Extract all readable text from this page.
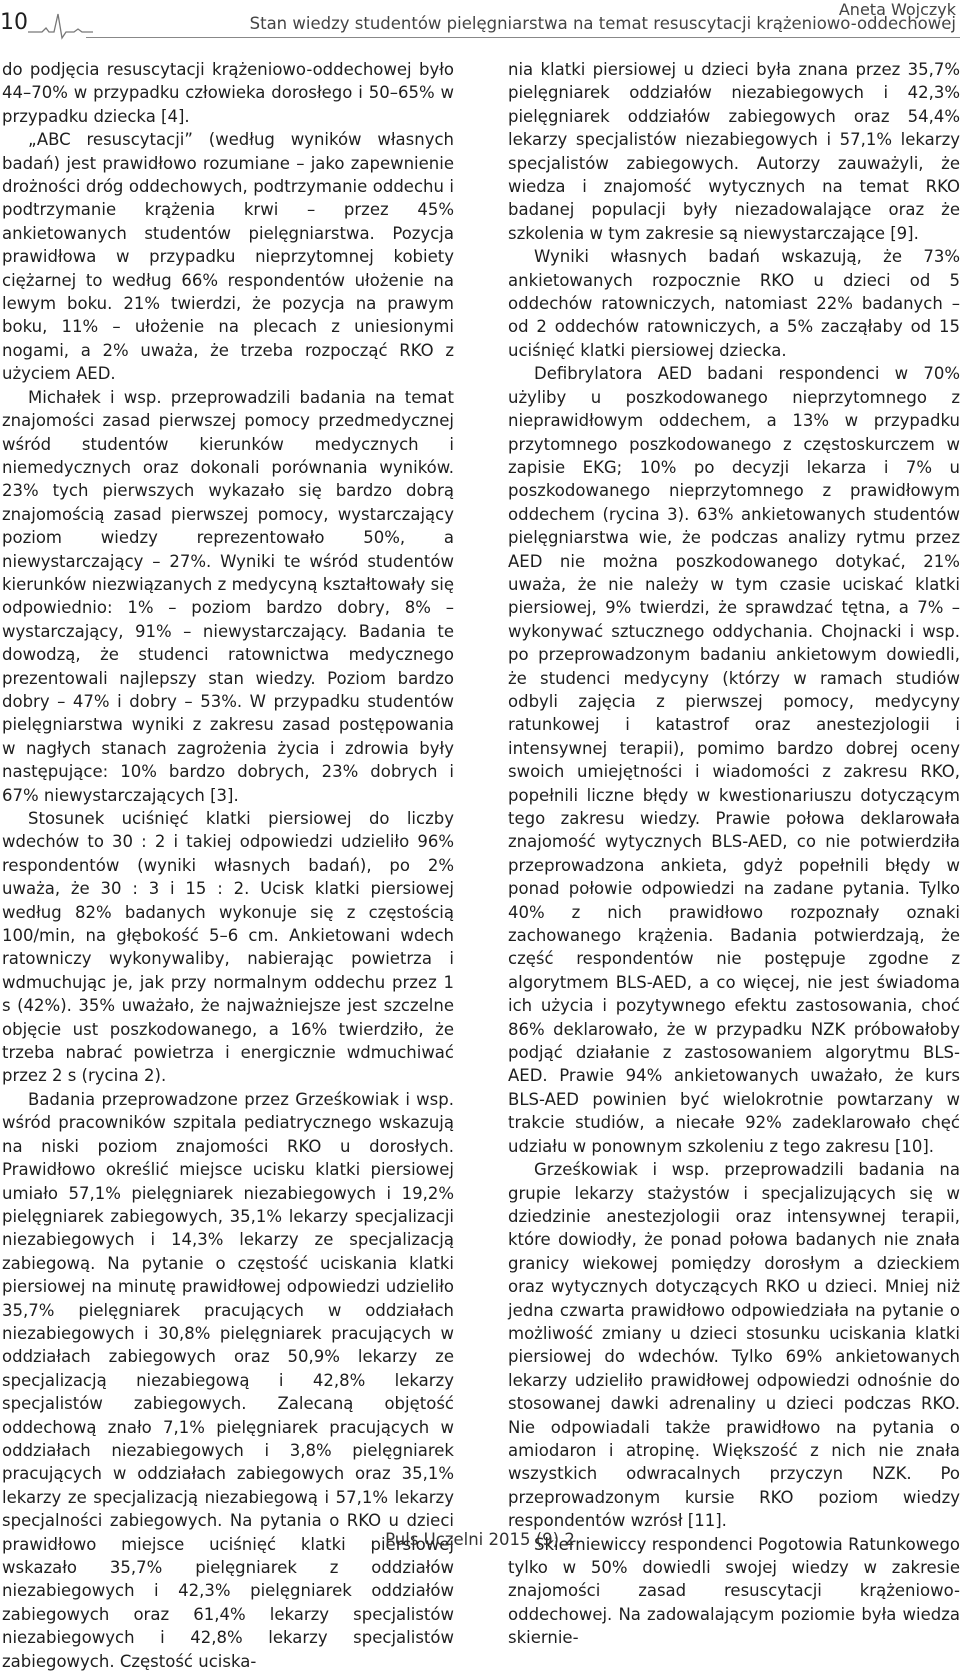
10
Aneta Wojczyk
Stan wiedzy studentów pielęgniarstwa na temat resuscytacji krążeniowo-oddechowej

do podjęcia resuscytacji krążeniowo-oddechowej było 44–70% w przypadku człowieka dorosłego i 50–65% w przypadku dziecka [4].

„ABC resuscytacji” (według wyników własnych badań) jest prawidłowo rozumiane – jako zapewnienie drożności dróg oddechowych, podtrzymanie oddechu i podtrzymanie krążenia krwi – przez 45% ankietowanych studentów pielęgniarstwa. Pozycja prawidłowa w przypadku nieprzytomnej kobiety ciężarnej to według 66% respondentów ułożenie na lewym boku. 21% twierdzi, że pozycja na prawym boku, 11% – ułożenie na plecach z uniesionymi nogami, a 2% uważa, że trzeba rozpocząć RKO z użyciem AED.

Michałek i wsp. przeprowadzili badania na temat znajomości zasad pierwszej pomocy przedmedycznej wśród studentów kierunków medycznych i niemedycznych oraz dokonali porównania wyników. 23% tych pierwszych wykazało się bardzo dobrą znajomością zasad pierwszej pomocy, wystarczający poziom wiedzy reprezentowało 50%, a niewystarczający – 27%. Wyniki te wśród studentów kierunków niezwiązanych z medycyną kształtowały się odpowiednio: 1% – poziom bardzo dobry, 8% – wystarczający, 91% – niewystarczający. Badania te dowodzą, że studenci ratownictwa medycznego prezentowali najlepszy stan wiedzy. Poziom bardzo dobry – 47% i dobry – 53%. W przypadku studentów pielęgniarstwa wyniki z zakresu zasad postępowania w nagłych stanach zagrożenia życia i zdrowia były następujące: 10% bardzo dobrych, 23% dobrych i 67% niewystarczających [3].

Stosunek uciśnięć klatki piersiowej do liczby wdechów to 30 : 2 i takiej odpowiedzi udzieliło 96% respondentów (wyniki własnych badań), po 2% uważa, że 30 : 3 i 15 : 2. Ucisk klatki piersiowej według 82% badanych wykonuje się z częstością 100/min, na głębokość 5–6 cm. Ankietowani wdech ratowniczy wykonywaliby, nabierając powietrza i wdmuchując je, jak przy normalnym oddechu przez 1 s (42%). 35% uważało, że najważniejsze jest szczelne objęcie ust poszkodowanego, a 16% twierdziło, że trzeba nabrać powietrza i energicznie wdmuchiwać przez 2 s (rycina 2).

Badania przeprowadzone przez Grześkowiak i wsp. wśród pracowników szpitala pediatrycznego wskazują na niski poziom znajomości RKO u dorosłych. Prawidłowo określić miejsce ucisku klatki piersiowej umiało 57,1% pielęgniarek niezabiegowych i 19,2% pielęgniarek zabiegowych, 35,1% lekarzy specjalizacji niezabiegowych i 14,3% lekarzy ze specjalizacją zabiegową. Na pytanie o częstość uciskania klatki piersiowej na minutę prawidłowej odpowiedzi udzieliło 35,7% pielęgniarek pracujących w oddziałach niezabiegowych i 30,8% pielęgniarek pracujących w oddziałach zabiegowych oraz 50,9% lekarzy ze specjalizacją niezabiegową i 42,8% lekarzy specjalistów zabiegowych. Zalecaną objętość oddechową znało 7,1% pielęgniarek pracujących w oddziałach niezabiegowych i 3,8% pielęgniarek pracujących w oddziałach zabiegowych oraz 35,1% lekarzy ze specjalizacją niezabiegową i 57,1% lekarzy specjalności zabiegowych. Na pytania o RKO u dzieci prawidłowo miejsce uciśnięć klatki piersiowej wskazało 35,7% pielęgniarek z oddziałów niezabiegowych i 42,3% pielęgniarek oddziałów zabiegowych oraz 61,4% lekarzy specjalistów niezabiegowych i 42,8% lekarzy specjalistów zabiegowych. Częstość uciska-

nia klatki piersiowej u dzieci była znana przez 35,7% pielęgniarek oddziałów niezabiegowych i 42,3% pielęgniarek oddziałów zabiegowych oraz 54,4% lekarzy specjalistów niezabiegowych i 57,1% lekarzy specjalistów zabiegowych. Autorzy zauważyli, że wiedza i znajomość wytycznych na temat RKO badanej populacji były niezadowalające oraz że szkolenia w tym zakresie są niewystarczające [9].

Wyniki własnych badań wskazują, że 73% ankietowanych rozpocznie RKO u dzieci od 5 oddechów ratowniczych, natomiast 22% badanych – od 2 oddechów ratowniczych, a 5% zacząłaby od 15 uciśnięć klatki piersiowej dziecka.

Defibrylatora AED badani respondenci w 70% użyliby u poszkodowanego nieprzytomnego z nieprawidłowym oddechem, a 13% w przypadku przytomnego poszkodowanego z częstoskurczem w zapisie EKG; 10% po decyzji lekarza i 7% u poszkodowanego nieprzytomnego z prawidłowym oddechem (rycina 3). 63% ankietowanych studentów pielęgniarstwa wie, że podczas analizy rytmu przez AED nie można poszkodowanego dotykać, 21% uważa, że nie należy w tym czasie uciskać klatki piersiowej, 9% twierdzi, że sprawdzać tętna, a 7% – wykonywać sztucznego oddychania. Chojnacki i wsp. po przeprowadzonym badaniu ankietowym dowiedli, że studenci medycyny (którzy w ramach studiów odbyli zajęcia z pierwszej pomocy, medycyny ratunkowej i katastrof oraz anestezjologii i intensywnej terapii), pomimo bardzo dobrej oceny swoich umiejętności i wiadomości z zakresu RKO, popełnili liczne błędy w kwestionariuszu dotyczącym tego zakresu wiedzy. Prawie połowa deklarowała znajomość wytycznych BLS-AED, co nie potwierdziła przeprowadzona ankieta, gdyż popełnili błędy w ponad połowie odpowiedzi na zadane pytania. Tylko 40% z nich prawidłowo rozpoznały oznaki zachowanego krążenia. Badania potwierdzają, że część respondentów nie postępuje zgodne z algorytmem BLS-AED, a co więcej, nie jest świadoma ich użycia i pozytywnego efektu zastosowania, choć 86% deklarowało, że w przypadku NZK próbowałoby podjąć działanie z zastosowaniem algorytmu BLS-AED. Prawie 94% ankietowanych uważało, że kurs BLS-AED powinien być wielokrotnie powtarzany w trakcie studiów, a niecałe 92% zadeklarowało chęć udziału w ponownym szkoleniu z tego zakresu [10].

Grześkowiak i wsp. przeprowadzili badania na grupie lekarzy stażystów i specjalizujących się w dziedzinie anestezjologii oraz intensywnej terapii, które dowiodły, że ponad połowa badanych nie znała granicy wiekowej pomiędzy dorosłym a dzieckiem oraz wytycznych dotyczących RKO u dzieci. Mniej niż jedna czwarta prawidłowo odpowiedziała na pytanie o możliwość zmiany u dzieci stosunku uciskania klatki piersiowej do wdechów. Tylko 69% ankietowanych lekarzy udzieliło prawidłowej odpowiedzi odnośnie do stosowanej dawki adrenaliny u dzieci podczas RKO. Nie odpowiadali także prawidłowo na pytania o amiodaron i atropinę. Większość z nich nie znała wszystkich odwracalnych przyczyn NZK. Po przeprowadzonym kursie RKO poziom wiedzy respondentów wzrósł [11].

Skierniewiccy respondenci Pogotowia Ratunkowego tylko w 50% dowiedli swojej wiedzy w zakresie znajomości zasad resuscytacji krążeniowo-oddechowej. Na zadowalającym poziomie była wiedza skiernie-

Puls Uczelni 2015 (9) 2
